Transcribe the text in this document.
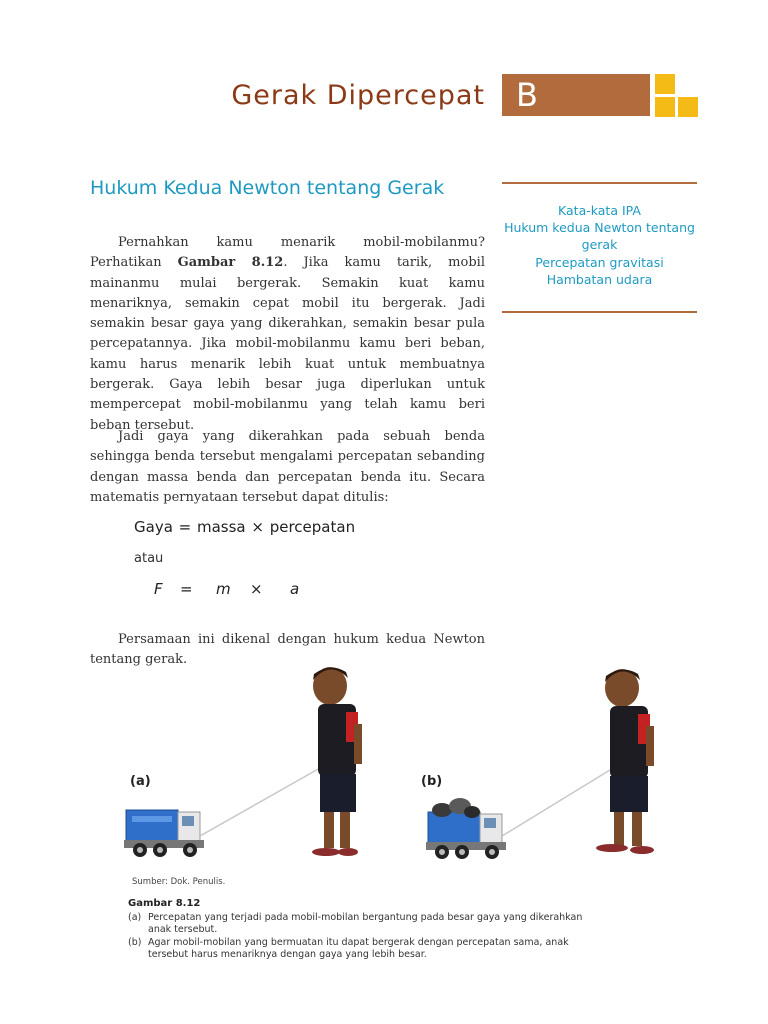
Gerak Dipercepat B
Hukum Kedua Newton tentang Gerak
Pernahkan kamu menarik mobil-mobilanmu? Perhatikan Gambar 8.12. Jika kamu tarik, mobil mainanmu mulai bergerak. Semakin kuat kamu menariknya, semakin cepat mobil itu bergerak. Jadi semakin besar gaya yang dikerahkan, semakin besar pula percepatannya. Jika mobil-mobilanmu kamu beri beban, kamu harus menarik lebih kuat untuk membuatnya bergerak. Gaya lebih besar juga diperlukan untuk mempercepat mobil-mobilanmu yang telah kamu beri beban tersebut.
Jadi gaya yang dikerahkan pada sebuah benda sehingga benda tersebut mengalami percepatan sebanding dengan massa benda dan percepatan benda itu. Secara matematis pernyataan tersebut dapat ditulis:
Gaya = massa × percepatan
atau
F = m × a
Persamaan ini dikenal dengan hukum kedua Newton tentang gerak.
Kata-kata IPA
Hukum kedua Newton tentang gerak
Percepatan gravitasi
Hambatan udara
(a)	(b)
Sumber: Dok. Penulis.
Gambar 8.12
(a) Percepatan yang terjadi pada mobil-mobilan bergantung pada besar gaya yang dikerahkan
anak tersebut.
(b) Agar mobil-mobilan yang bermuatan itu dapat bergerak dengan percepatan sama, anak
tersebut harus menariknya dengan gaya yang lebih besar.
